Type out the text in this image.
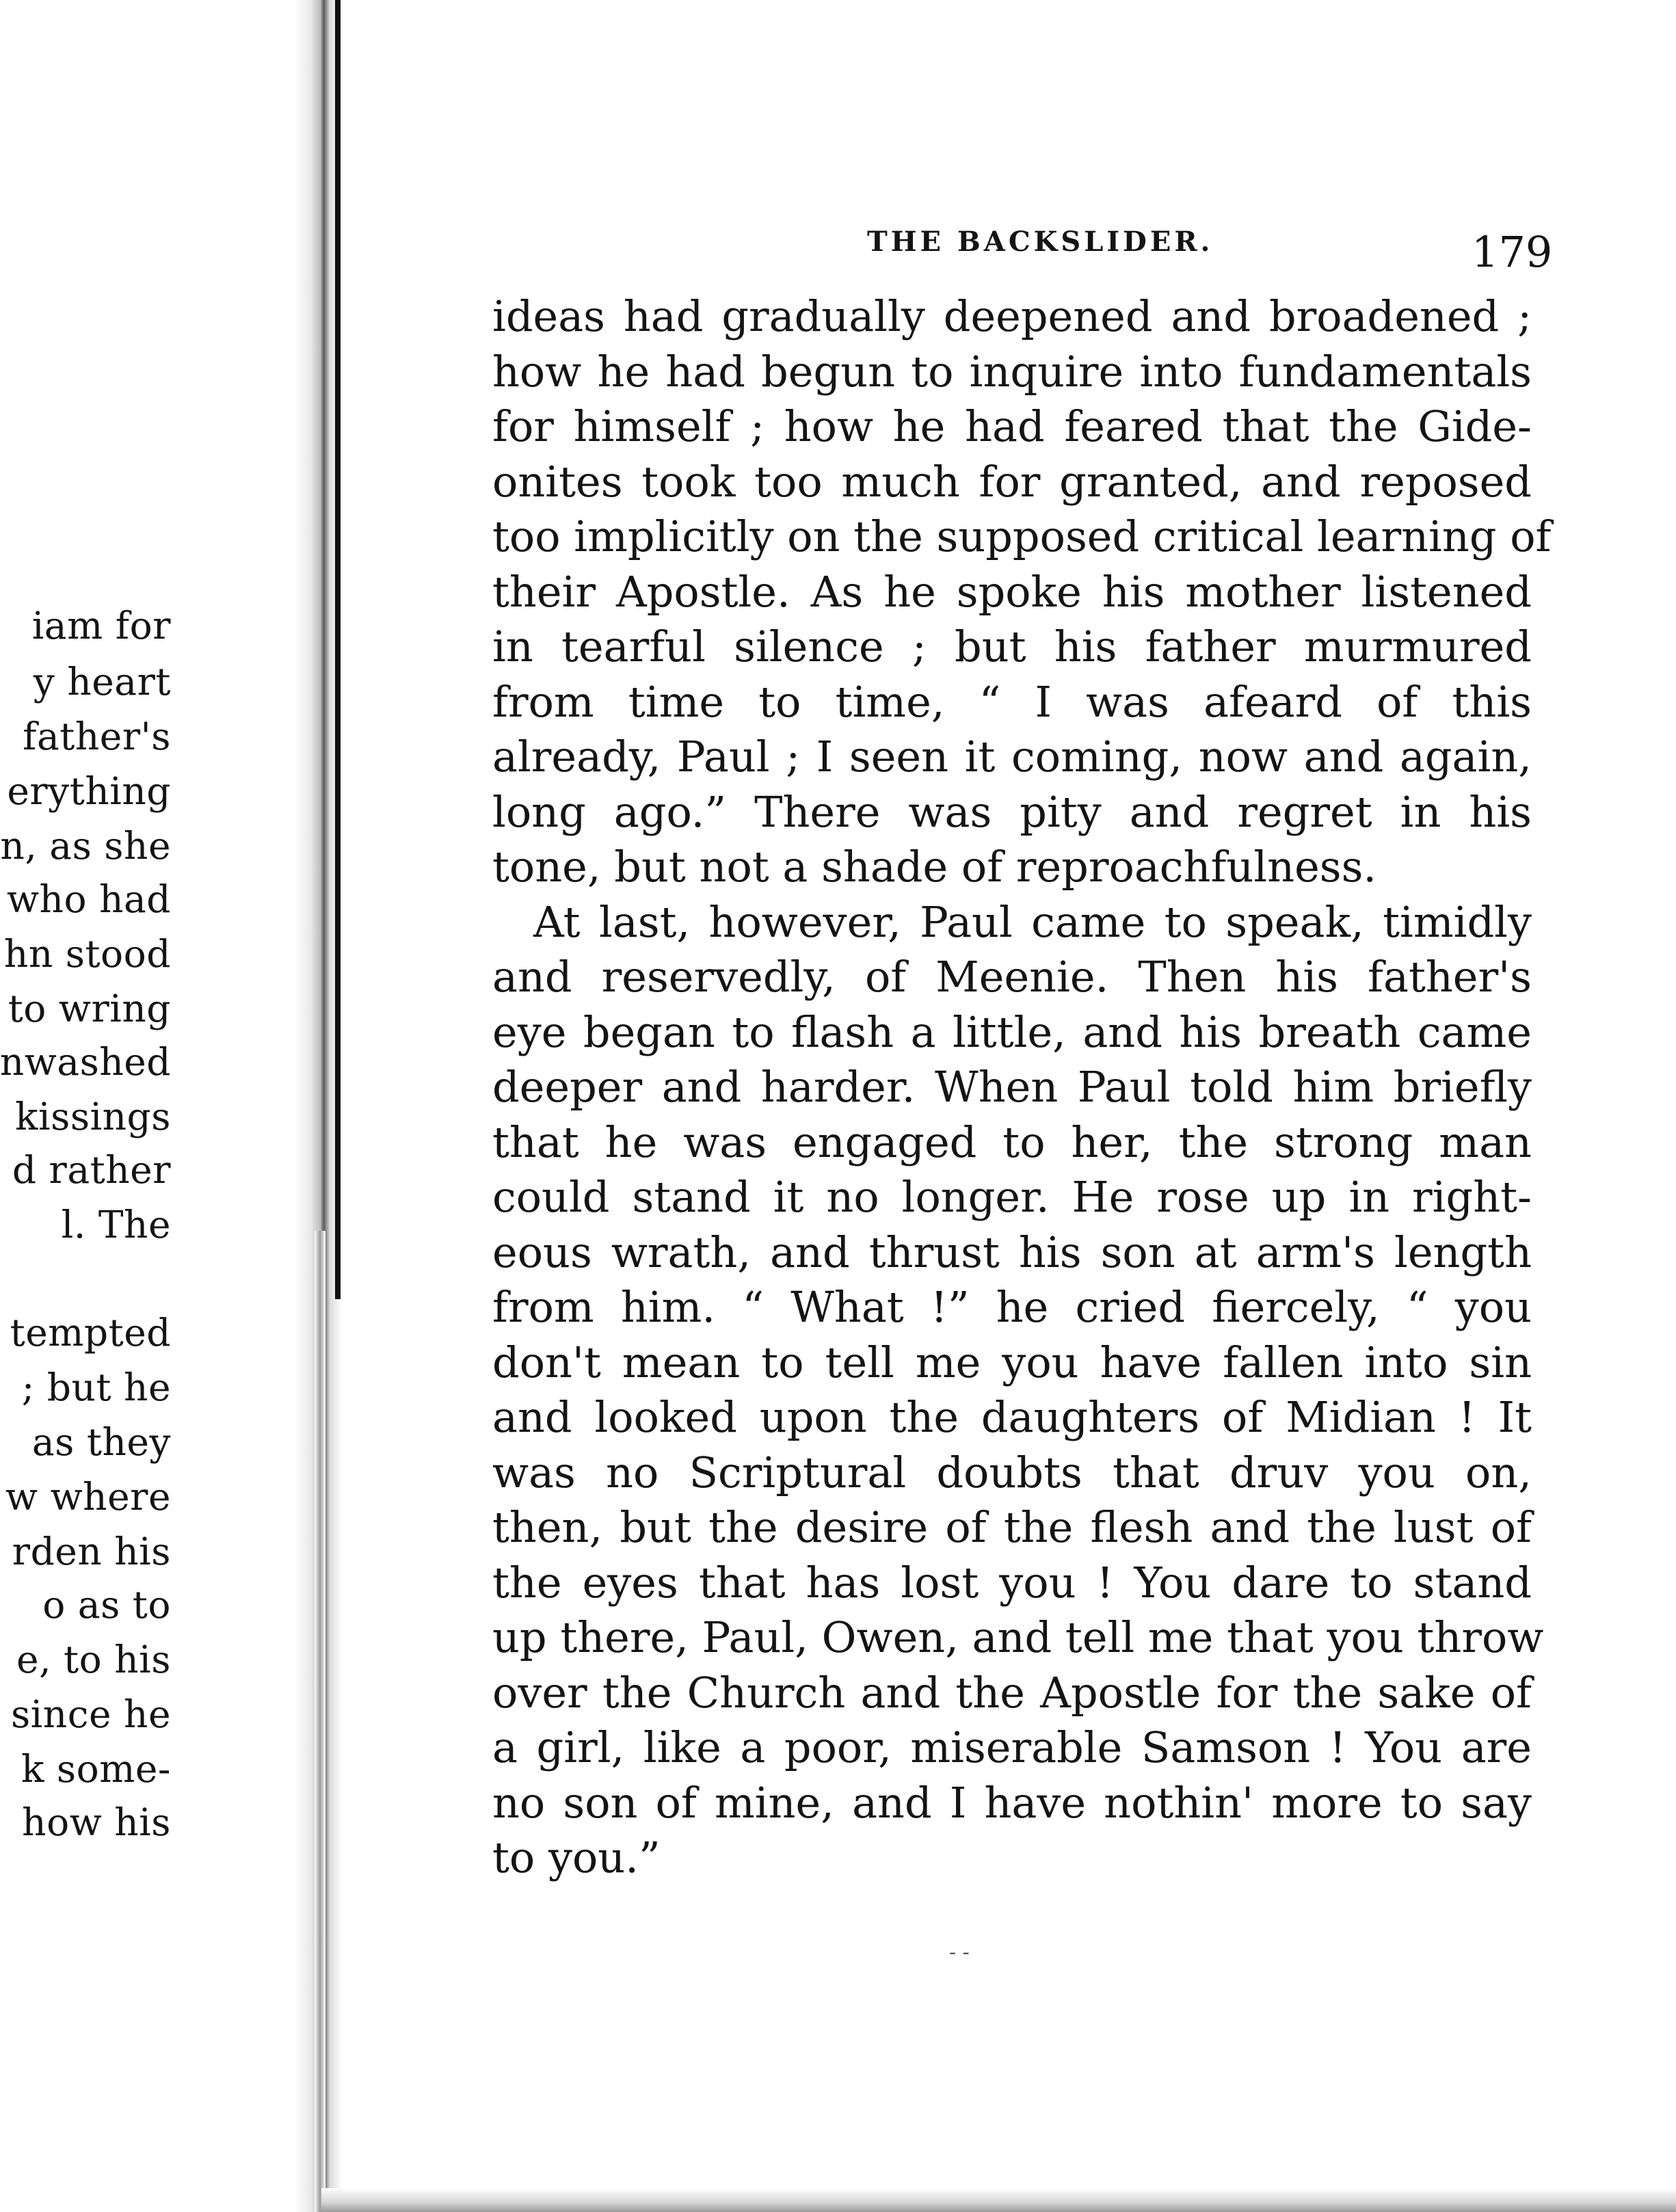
iam for
y heart
father's
erything
n, as she
who had
hn stood
to wring
nwashed
kissings
d rather
l. The
tempted
; but he
as they
w where
rden his
o as to
e, to his
since he
k some-
how his
THE BACKSLIDER.	179
ideas had gradually deepened and broadened ;
how he had begun to inquire into fundamentals
for himself ; how he had feared that the Gide-
onites took too much for granted, and reposed
too implicitly on the supposed critical learning of
their Apostle. As he spoke his mother listened
in tearful silence ; but his father murmured
from time to time, “ I was afeard of this
already, Paul ; I seen it coming, now and again,
long ago.” There was pity and regret in his
tone, but not a shade of reproachfulness.
At last, however, Paul came to speak, timidly
and reservedly, of Meenie. Then his father's
eye began to flash a little, and his breath came
deeper and harder. When Paul told him briefly
that he was engaged to her, the strong man
could stand it no longer. He rose up in right-
eous wrath, and thrust his son at arm's length
from him. “ What !” he cried fiercely, “ you
don't mean to tell me you have fallen into sin
and looked upon the daughters of Midian ! It
was no Scriptural doubts that druv you on,
then, but the desire of the flesh and the lust of
the eyes that has lost you ! You dare to stand
up there, Paul, Owen, and tell me that you throw
over the Church and the Apostle for the sake of
a girl, like a poor, miserable Samson ! You are
no son of mine, and I have nothin' more to say
to you.”
- -
